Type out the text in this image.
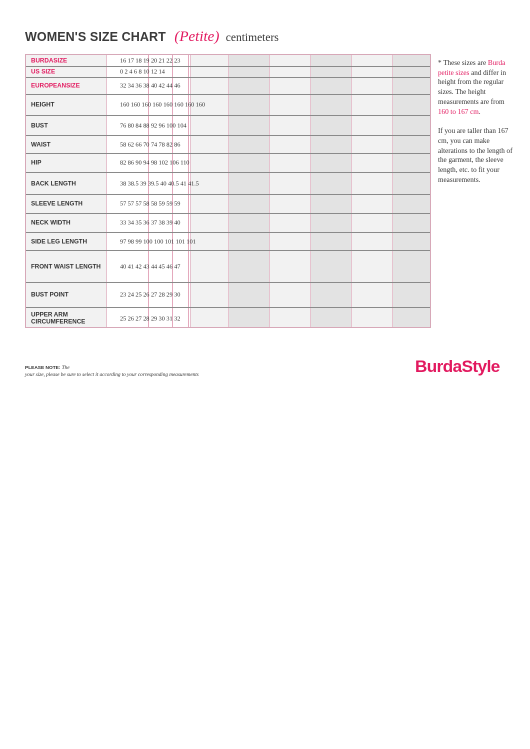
WOMEN'S SIZE CHART (Petite) centimeters
BURDASIZE	16 17 18 19 20 21 22 23
US SIZE	0 2 4 6 8 10 12 14
EUROPEANSIZE	32 34 36 38 40 42 44 46
HEIGHT	160 160 160 160 160 160 160 160
BUST	76 80 84 88 92 96 100 104
WAIST	58 62 66 70 74 78 82 86
HIP	82 86 90 94 98 102 106 110
BACK LENGTH	38 38.5 39 39.5 40 40.5 41 41.5
SLEEVE LENGTH	57 57 57 58 58 59 59 59
NECK WIDTH	33 34 35 36 37 38 39 40
SIDE LEG LENGTH	97 98 99 100 100 101 101 101
FRONT WAIST LENGTH	40 41 42 43 44 45 46 47
BUST POINT	23 24 25 26 27 28 29 30
UPPER ARM CIRCUMFERENCE	25 26 27 28 29 30 31 32

* These sizes are Burda petite sizes and differ in height from the regular sizes. The height measurements are from 160 to 167 cm.

If you are taller than 167 cm, you can make alterations to the length of the garment, the sleeve length, etc. to fit your measurements.

PLEASE NOTE: The
your size, please be sure to select it according to your corresponding measurements	BurdaStyle
